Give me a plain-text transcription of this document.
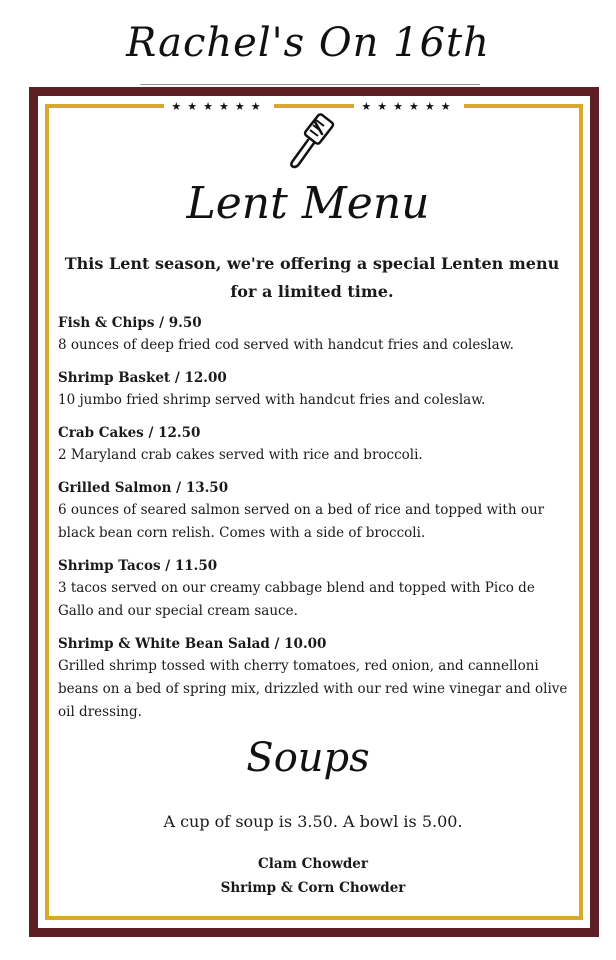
Rachel's On 16th
★★★★★★	★★★★★★
Lent Menu
This Lent season, we're offering a special Lenten menu for a limited time.
Fish & Chips / 9.50
8 ounces of deep fried cod served with handcut fries and coleslaw.
Shrimp Basket / 12.00
10 jumbo fried shrimp served with handcut fries and coleslaw.
Crab Cakes / 12.50
2 Maryland crab cakes served with rice and broccoli.
Grilled Salmon / 13.50
6 ounces of seared salmon served on a bed of rice and topped with our black bean corn relish. Comes with a side of broccoli.
Shrimp Tacos / 11.50
3 tacos served on our creamy cabbage blend and topped with Pico de Gallo and our special cream sauce.
Shrimp & White Bean Salad / 10.00
Grilled shrimp tossed with cherry tomatoes, red onion, and cannelloni beans on a bed of spring mix, drizzled with our red wine vinegar and olive oil dressing.
Soups
A cup of soup is 3.50. A bowl is 5.00.
Clam Chowder
Shrimp & Corn Chowder
